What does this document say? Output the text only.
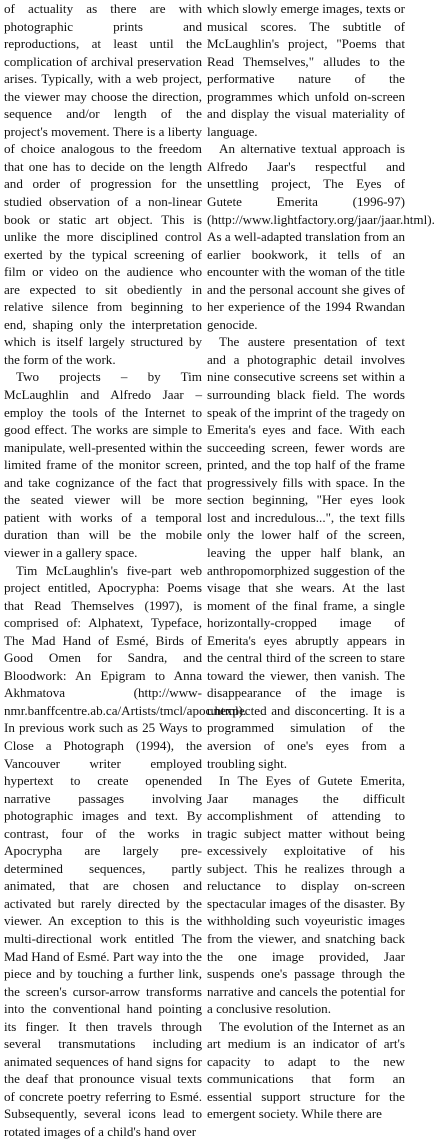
of actuality as there are with photographic prints and reproductions, at least until the complication of archival preservation arises. Typically, with a web project, the viewer may choose the direction, sequence and/or length of the project's movement. There is a liberty of choice analogous to the freedom that one has to decide on the length and order of progression for the studied observation of a non-linear book or static art object. This is unlike the more disciplined control exerted by the typical screening of film or video on the audience who are expected to sit obediently in relative silence from beginning to end, shaping only the interpretation which is itself largely structured by the form of the work.

Two projects – by Tim McLaughlin and Alfredo Jaar – employ the tools of the Internet to good effect. The works are simple to manipulate, well-presented within the limited frame of the monitor screen, and take cognizance of the fact that the seated viewer will be more patient with works of a temporal duration than will be the mobile viewer in a gallery space.

Tim McLaughlin's five-part web project entitled, Apocrypha: Poems that Read Themselves (1997), is comprised of: Alphatext, Typeface, The Mad Hand of Esmé, Birds of Good Omen for Sandra, and Bloodwork: An Epigram to Anna Akhmatova (http://www-nmr.banffcentre.ab.ca/Artists/tmcl/apoc.html). In previous work such as 25 Ways to Close a Photograph (1994), the Vancouver writer employed hypertext to create openended narrative passages involving photographic images and text. By contrast, four of the works in Apocrypha are largely pre-determined sequences, partly animated, that are chosen and activated but rarely directed by the viewer. An exception to this is the multi-directional work entitled The Mad Hand of Esmé. Part way into the piece and by touching a further link, the screen's cursor-arrow transforms into the conventional hand pointing its finger. It then travels through several transmutations including animated sequences of hand signs for the deaf that pronounce visual texts of concrete poetry referring to Esmé. Subsequently, several icons lead to rotated images of a child's hand over

which slowly emerge images, texts or musical scores. The subtitle of McLaughlin's project, "Poems that Read Themselves," alludes to the performative nature of the programmes which unfold on-screen and display the visual materiality of language.

An alternative textual approach is Alfredo Jaar's respectful and unsettling project, The Eyes of Gutete Emerita (1996-97) (http://www.lightfactory.org/jaar/jaar.html). As a well-adapted translation from an earlier bookwork, it tells of an encounter with the woman of the title and the personal account she gives of her experience of the 1994 Rwandan genocide.

The austere presentation of text and a photographic detail involves nine consecutive screens set within a surrounding black field. The words speak of the imprint of the tragedy on Emerita's eyes and face. With each succeeding screen, fewer words are printed, and the top half of the frame progressively fills with space. In the section beginning, "Her eyes look lost and incredulous...", the text fills only the lower half of the screen, leaving the upper half blank, an anthropomorphized suggestion of the visage that she wears. At the last moment of the final frame, a single horizontally-cropped image of Emerita's eyes abruptly appears in the central third of the screen to stare toward the viewer, then vanish. The disappearance of the image is unexpected and disconcerting. It is a programmed simulation of the aversion of one's eyes from a troubling sight.

In The Eyes of Gutete Emerita, Jaar manages the difficult accomplishment of attending to tragic subject matter without being excessively exploitative of his subject. This he realizes through a reluctance to display on-screen spectacular images of the disaster. By withholding such voyeuristic images from the viewer, and snatching back the one image provided, Jaar suspends one's passage through the narrative and cancels the potential for a conclusive resolution.

The evolution of the Internet as an art medium is an indicator of art's capacity to adapt to the new communications that form an essential support structure for the emergent society. While there are
